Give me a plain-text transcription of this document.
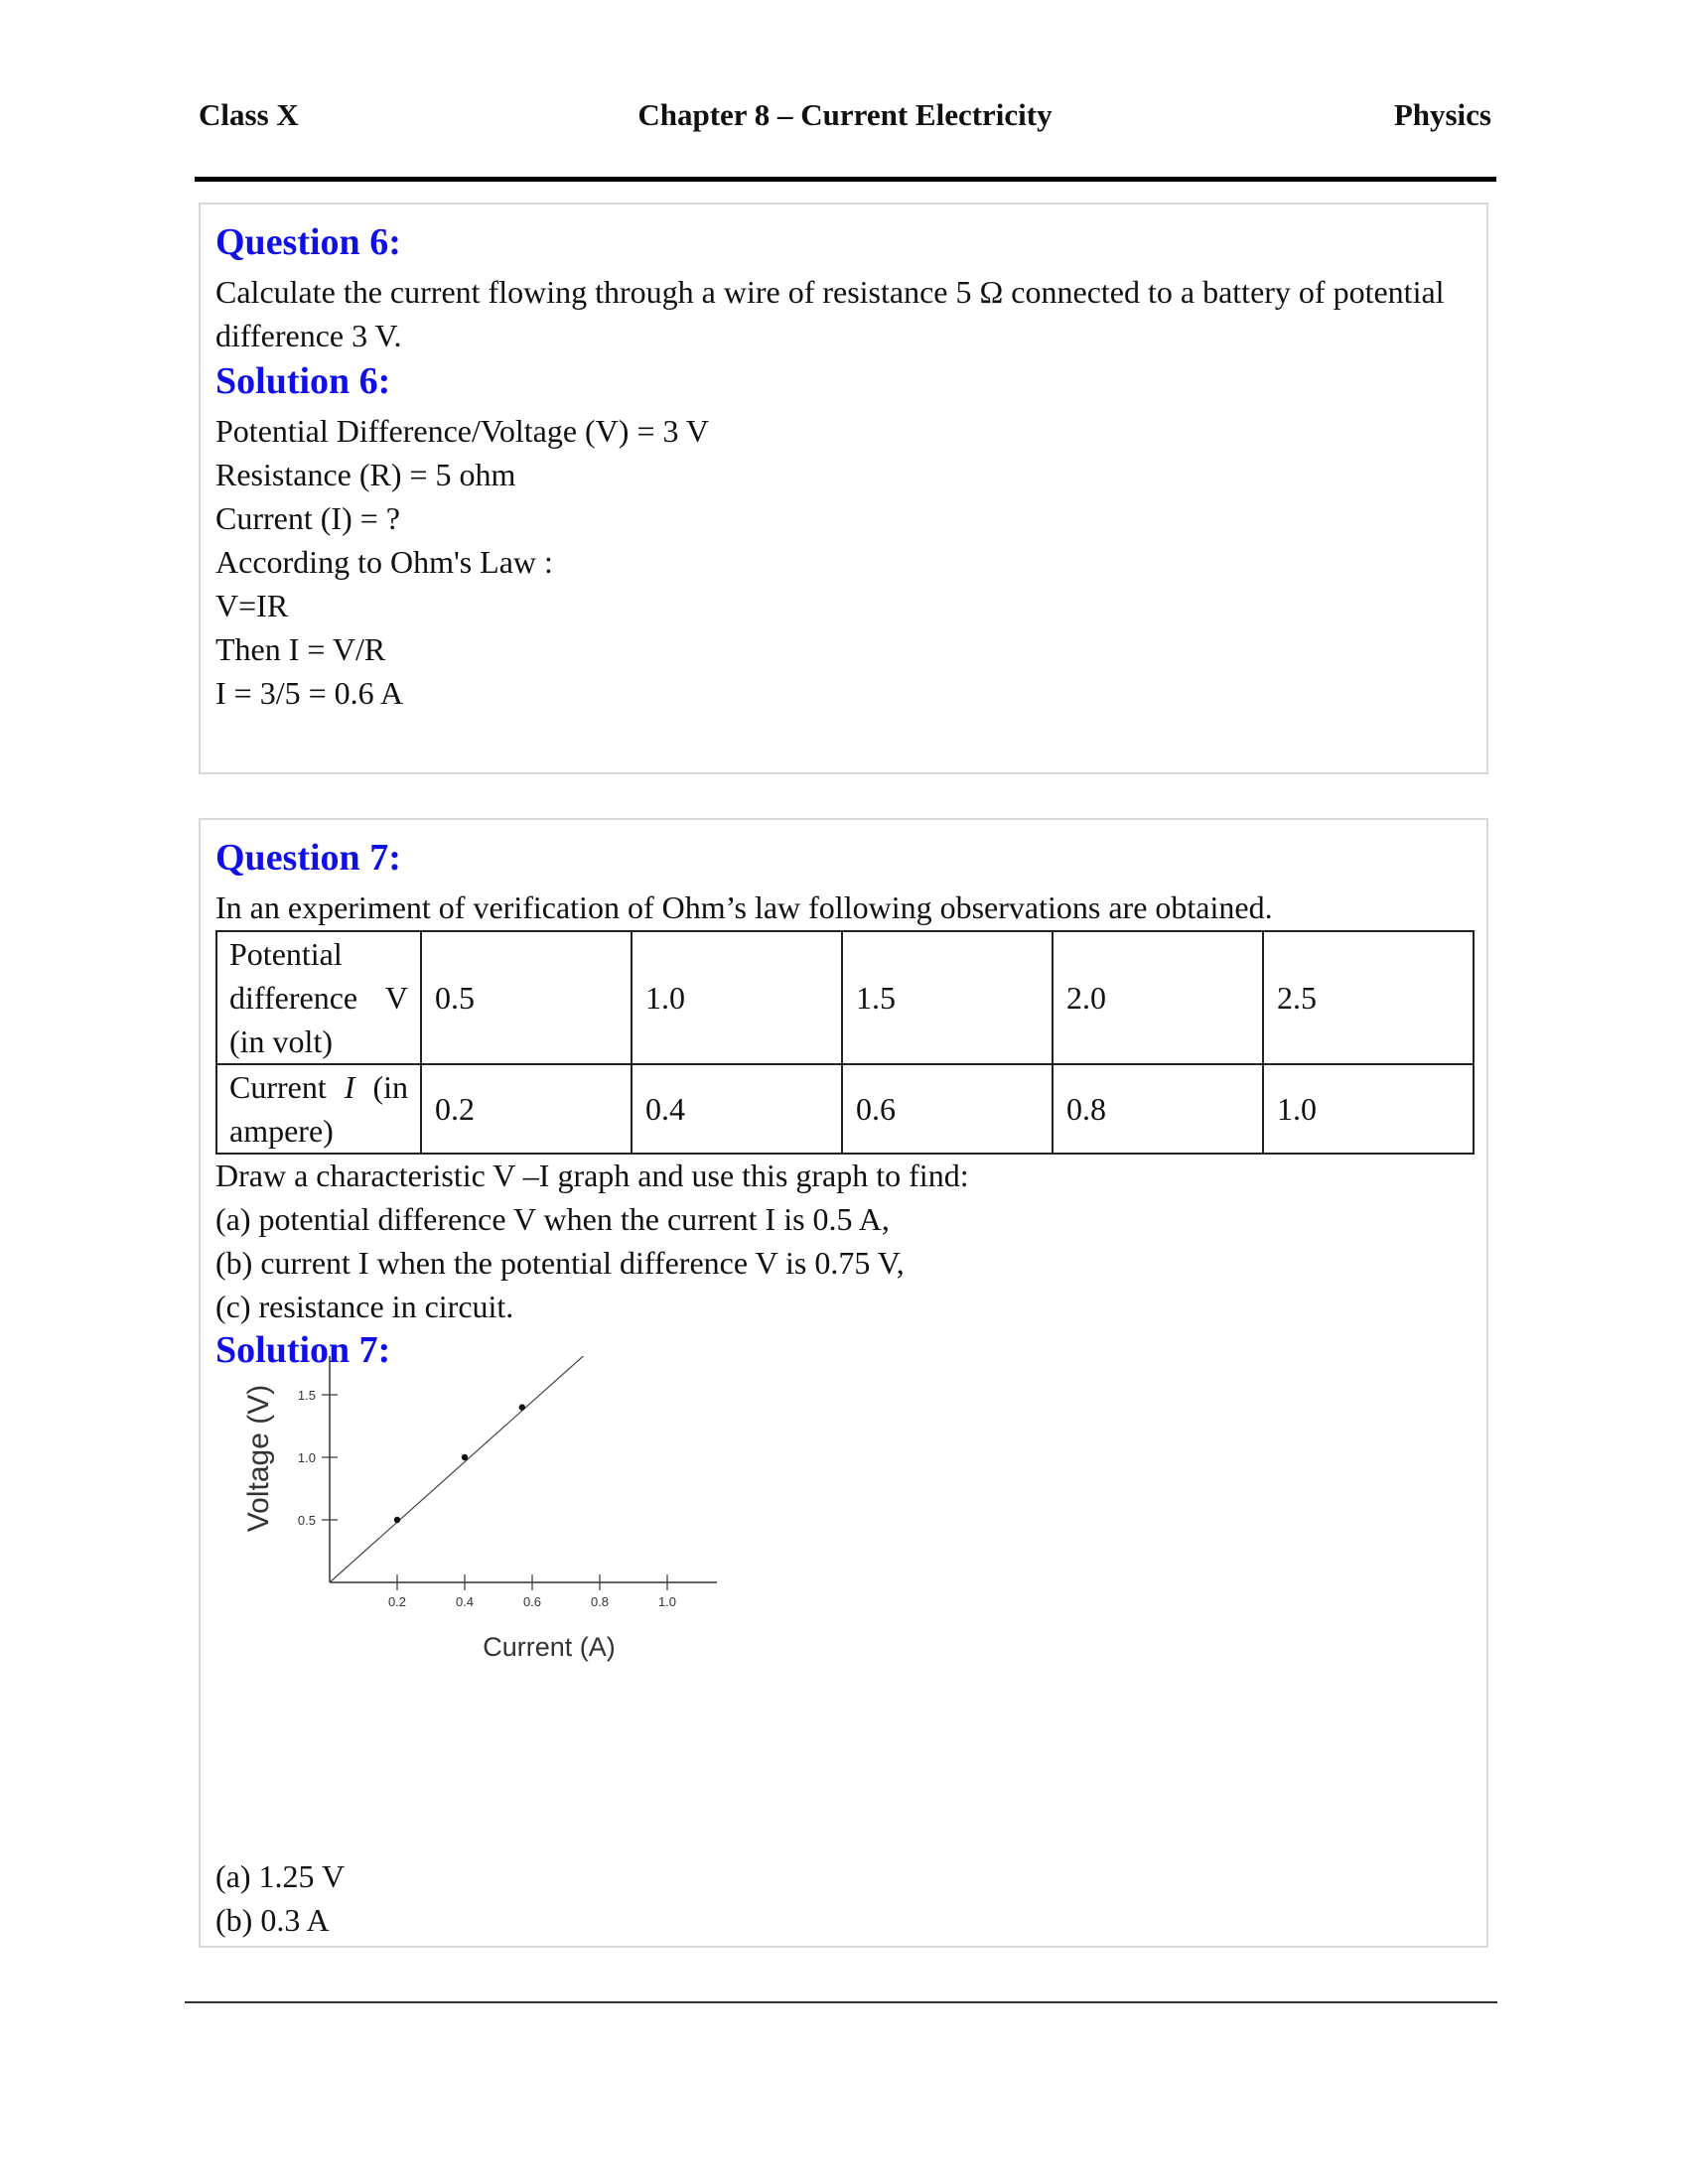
Class X	Chapter 8 – Current Electricity	Physics
Question 6:
Calculate the current flowing through a wire of resistance 5 Ω connected to a battery of potential
difference 3 V.
Solution 6:
Potential Difference/Voltage (V) = 3 V
Resistance (R) = 5 ohm
Current (I) = ?
According to Ohm's Law :
V=IR
Then I = V/R
I = 3/5 = 0.6 A
Question 7:
In an experiment of verification of Ohm’s law following observations are obtained.
Potential
difference V
(in volt)	0.5	1.0	1.5	2.0	2.5

Current I (in
ampere)	0.2	0.4	0.6	0.8	1.0
Draw a characteristic V –I graph and use this graph to find:
(a) potential difference V when the current I is 0.5 A,
(b) current I when the potential difference V is 0.75 V,
(c) resistance in circuit.
Solution 7:
0.2	0.4	0.6	0.8	1.0
0.5
1.0
1.5
Voltage (V)
Current (A)
(a) 1.25 V
(b) 0.3 A
